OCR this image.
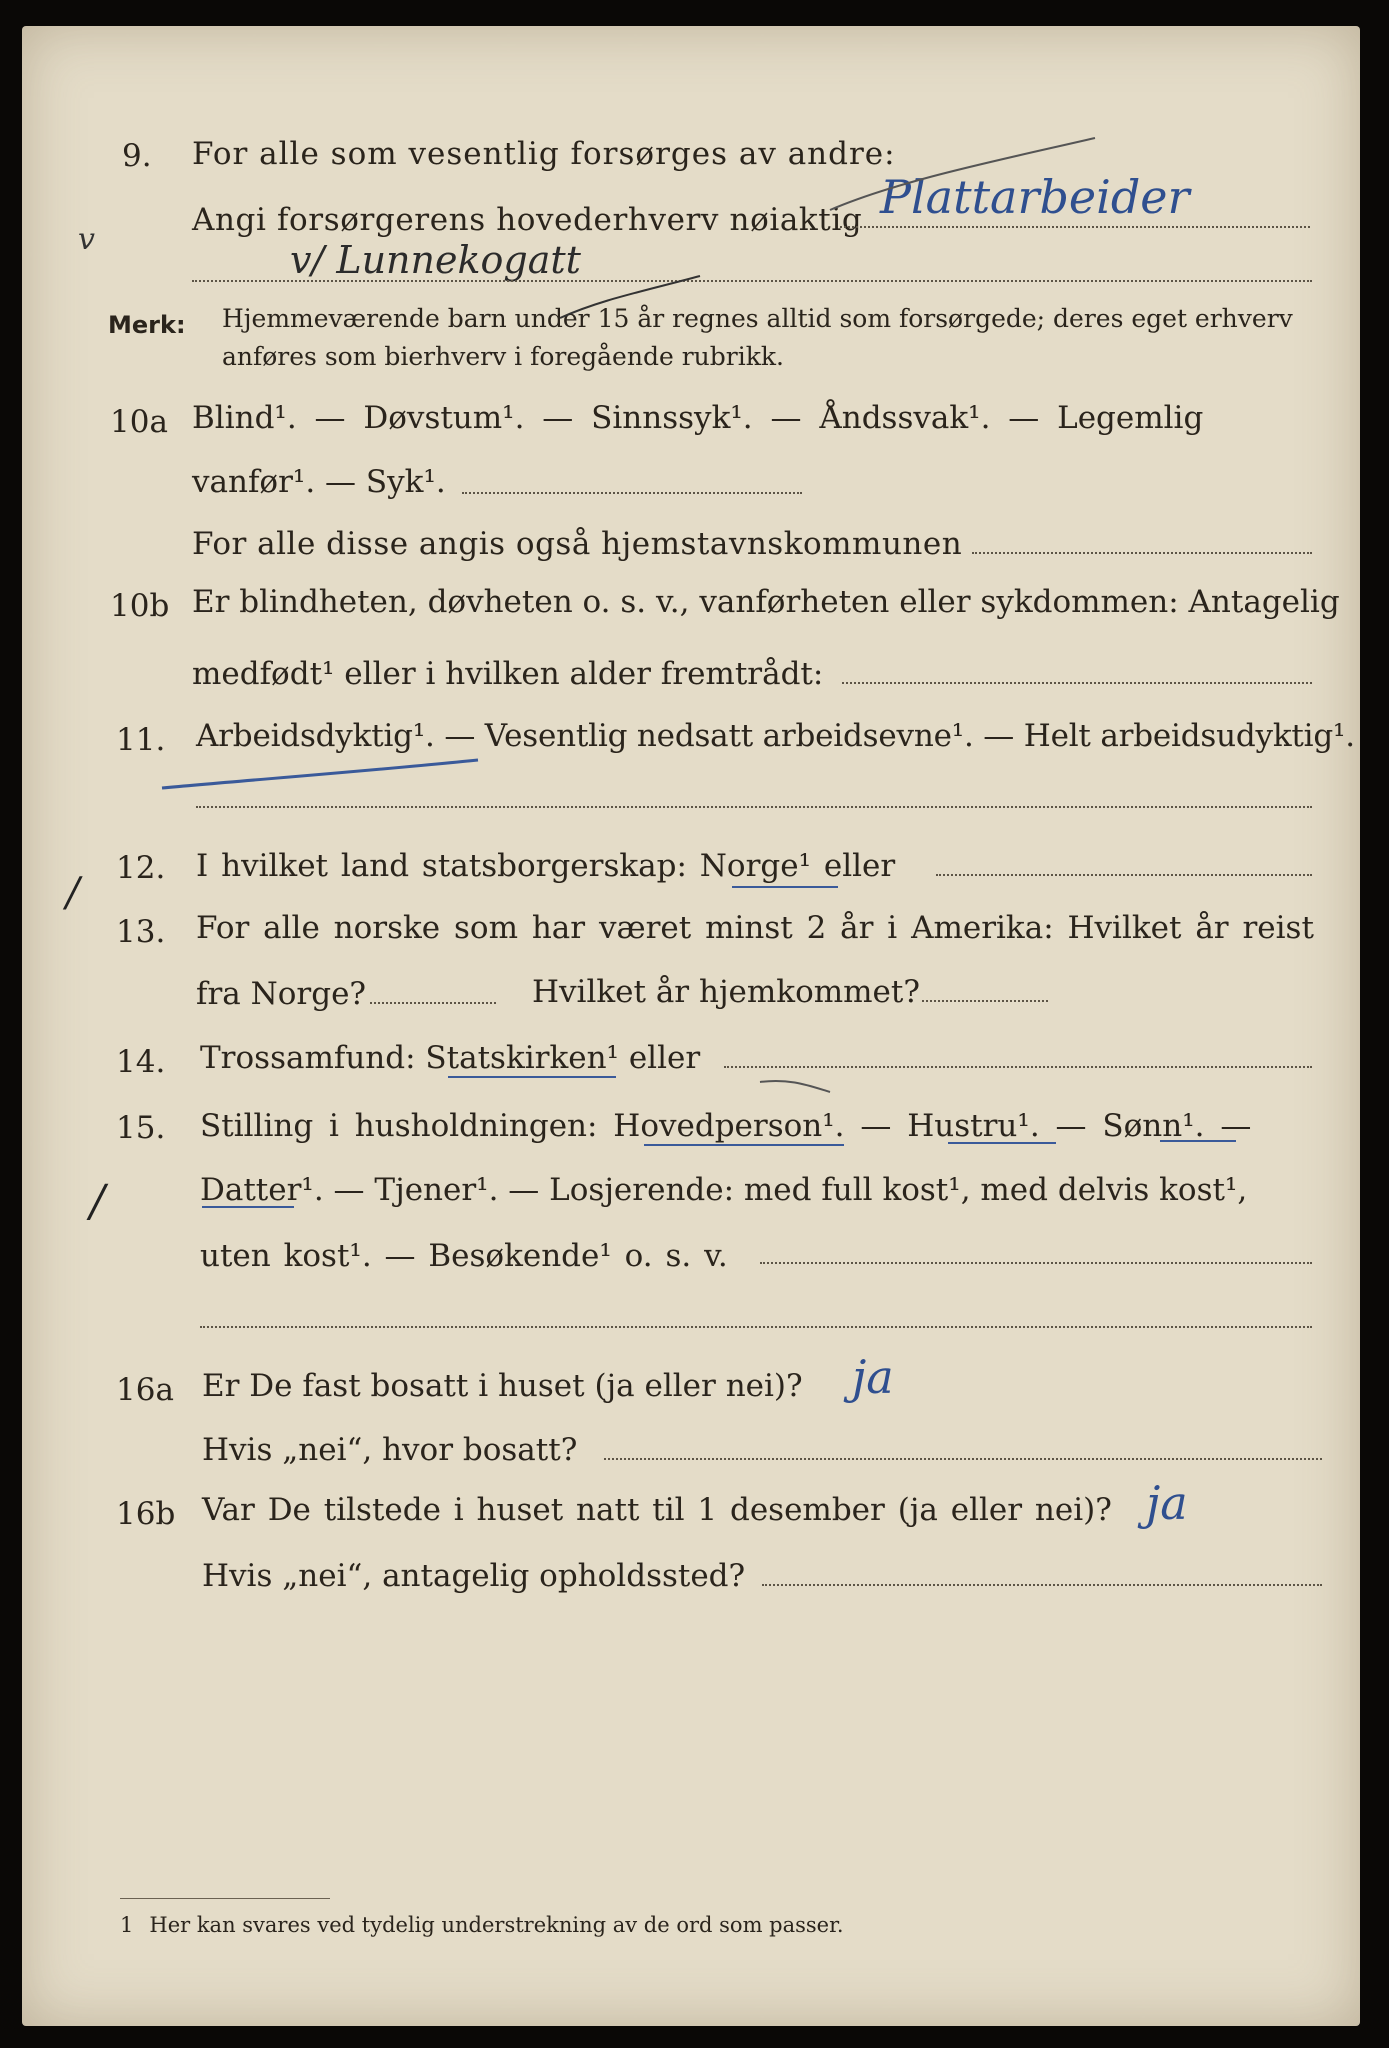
v
/
/
9. For alle som vesentlig forsørges av andre:
Angi forsørgerens hovederhverv nøiaktig Plattarbeider
v/ Lunnekogatt
Merk: Hjemmeværende barn under 15 år regnes alltid som forsørgede; deres eget erhverv
anføres som bierhverv i foregående rubrikk.
10a Blind¹. — Døvstum¹. — Sinnssyk¹. — Åndssvak¹. — Legemlig
vanfør¹. — Syk¹.
For alle disse angis også hjemstavnskommunen
10b Er blindheten, døvheten o. s. v., vanførheten eller sykdommen: Antagelig
medfødt¹ eller i hvilken alder fremtrådt:
11. Arbeidsdyktig¹. — Vesentlig nedsatt arbeidsevne¹. — Helt arbeidsudyktig¹.
12. I hvilket land statsborgerskap: Norge¹ eller
13. For alle norske som har været minst 2 år i Amerika: Hvilket år reist
fra Norge?	Hvilket år hjemkommet?
14. Trossamfund: Statskirken¹ eller
15. Stilling i husholdningen: Hovedperson¹. — Hustru¹. — Sønn¹. —
Datter¹. — Tjener¹. — Losjerende: med full kost¹, med delvis kost¹,
uten kost¹. — Besøkende¹ o. s. v.
16a Er De fast bosatt i huset (ja eller nei)? ja
Hvis „nei“, hvor bosatt?
16b Var De tilstede i huset natt til 1 desember (ja eller nei)? ja
Hvis „nei“, antagelig opholdssted?
1 Her kan svares ved tydelig understrekning av de ord som passer.
